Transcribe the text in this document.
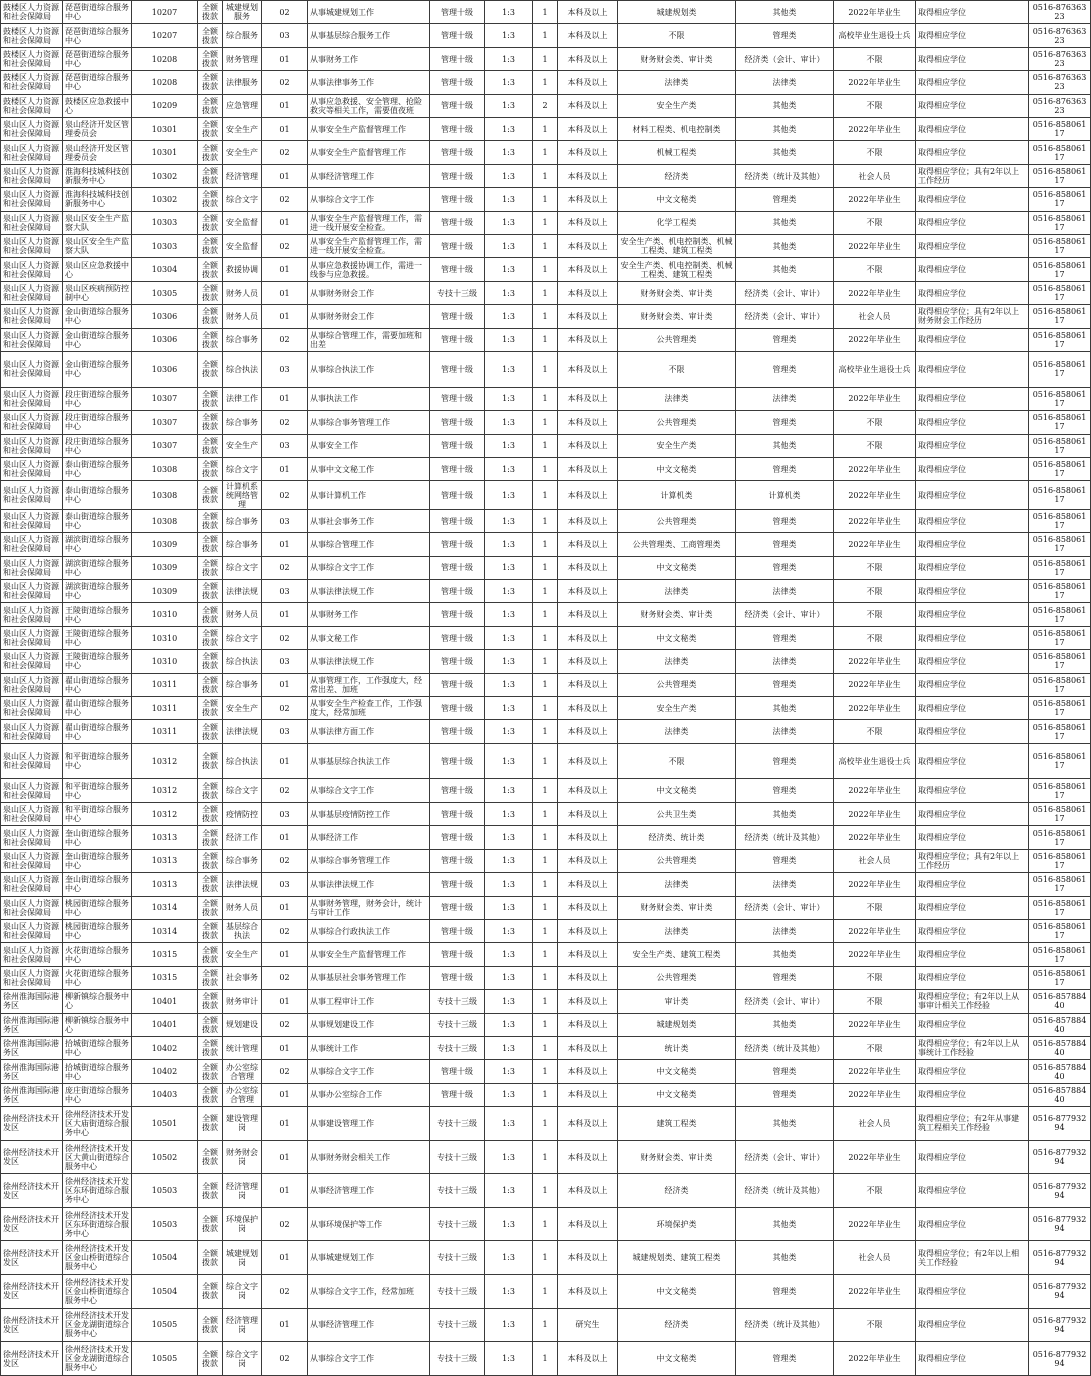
鼓楼区人力资源和社会保障局	琵琶街道综合服务中心	10207	全额拨款	城建规划服务	02	从事城建规划工作	管理十级	1:3	1	本科及以上	城建规划类	其他类	2022年毕业生	取得相应学位	0516-87636323
鼓楼区人力资源和社会保障局	琵琶街道综合服务中心	10207	全额拨款	综合服务	03	从事基层综合服务工作	管理十级	1:3	1	本科及以上	不限	管理类	高校毕业生退役士兵	取得相应学位	0516-87636323
鼓楼区人力资源和社会保障局	琵琶街道综合服务中心	10208	全额拨款	财务管理	01	从事财务工作	管理十级	1:3	1	本科及以上	财务财会类、审计类	经济类（会计、审计）	不限	取得相应学位	0516-87636323
鼓楼区人力资源和社会保障局	琵琶街道综合服务中心	10208	全额拨款	法律服务	02	从事法律事务工作	管理十级	1:3	1	本科及以上	法律类	法律类	2022年毕业生	取得相应学位	0516-87636323
鼓楼区人力资源和社会保障局	鼓楼区应急救援中心	10209	全额拨款	应急管理	01	从事应急救援、安全管理、抢险救灾等相关工作，需要值夜班	管理十级	1:3	2	本科及以上	安全生产类	其他类	不限	取得相应学位	0516-87636323
泉山区人力资源和社会保障局	泉山经济开发区管理委员会	10301	全额拨款	安全生产	01	从事安全生产监督管理工作	管理十级	1:3	1	本科及以上	材料工程类、机电控制类	其他类	2022年毕业生	取得相应学位	0516-85806117
泉山区人力资源和社会保障局	泉山经济开发区管理委员会	10301	全额拨款	安全生产	02	从事安全生产监督管理工作	管理十级	1:3	1	本科及以上	机械工程类	其他类	不限	取得相应学位	0516-85806117
泉山区人力资源和社会保障局	淮海科技城科技创新服务中心	10302	全额拨款	经济管理	01	从事经济管理工作	管理十级	1:3	1	本科及以上	经济类	经济类（统计及其他）	社会人员	取得相应学位；具有2年以上工作经历	0516-85806117
泉山区人力资源和社会保障局	淮海科技城科技创新服务中心	10302	全额拨款	综合文字	02	从事综合文字工作	管理十级	1:3	1	本科及以上	中文文秘类	管理类	2022年毕业生	取得相应学位	0516-85806117
泉山区人力资源和社会保障局	泉山区安全生产监察大队	10303	全额拨款	安全监督	01	从事安全生产监督管理工作，需进一线开展安全检查。	管理十级	1:3	1	本科及以上	化学工程类	其他类	不限	取得相应学位	0516-85806117
泉山区人力资源和社会保障局	泉山区安全生产监察大队	10303	全额拨款	安全监督	02	从事安全生产监督管理工作，需进一线开展安全检查。	管理十级	1:3	1	本科及以上	安全生产类、机电控制类、机械工程类、建筑工程类	其他类	2022年毕业生	取得相应学位	0516-85806117
泉山区人力资源和社会保障局	泉山区应急救援中心	10304	全额拨款	救援协调	01	从事应急救援协调工作，需进一线参与应急救援。	管理十级	1:3	1	本科及以上	安全生产类、机电控制类、机械工程类、建筑工程类	其他类	不限	取得相应学位	0516-85806117
泉山区人力资源和社会保障局	泉山区疾病预防控制中心	10305	全额拨款	财务人员	01	从事财务财会工作	专技十三级	1:3	1	本科及以上	财务财会类、审计类	经济类（会计、审计）	2022年毕业生	取得相应学位	0516-85806117
泉山区人力资源和社会保障局	金山街道综合服务中心	10306	全额拨款	财务人员	01	从事财务财会工作	管理十级	1:3	1	本科及以上	财务财会类、审计类	经济类（会计、审计）	社会人员	取得相应学位；具有2年以上财务财会工作经历	0516-85806117
泉山区人力资源和社会保障局	金山街道综合服务中心	10306	全额拨款	综合事务	02	从事综合管理工作，需要加班和出差	管理十级	1:3	1	本科及以上	公共管理类	管理类	2022年毕业生	取得相应学位	0516-85806117
泉山区人力资源和社会保障局	金山街道综合服务中心	10306	全额拨款	综合执法	03	从事综合执法工作	管理十级	1:3	1	本科及以上	不限	管理类	高校毕业生退役士兵	取得相应学位	0516-85806117
泉山区人力资源和社会保障局	段庄街道综合服务中心	10307	全额拨款	法律工作	01	从事执法工作	管理十级	1:3	1	本科及以上	法律类	法律类	2022年毕业生	取得相应学位	0516-85806117
泉山区人力资源和社会保障局	段庄街道综合服务中心	10307	全额拨款	综合事务	02	从事综合事务管理工作	管理十级	1:3	1	本科及以上	公共管理类	管理类	不限	取得相应学位	0516-85806117
泉山区人力资源和社会保障局	段庄街道综合服务中心	10307	全额拨款	安全生产	03	从事安全工作	管理十级	1:3	1	本科及以上	安全生产类	其他类	不限	取得相应学位	0516-85806117
泉山区人力资源和社会保障局	泰山街道综合服务中心	10308	全额拨款	综合文字	01	从事中文文秘工作	管理十级	1:3	1	本科及以上	中文文秘类	管理类	2022年毕业生	取得相应学位	0516-85806117
泉山区人力资源和社会保障局	泰山街道综合服务中心	10308	全额拨款	计算机系统网络管理	02	从事计算机工作	管理十级	1:3	1	本科及以上	计算机类	计算机类	2022年毕业生	取得相应学位	0516-85806117
泉山区人力资源和社会保障局	泰山街道综合服务中心	10308	全额拨款	综合事务	03	从事社会事务工作	管理十级	1:3	1	本科及以上	公共管理类	管理类	2022年毕业生	取得相应学位	0516-85806117
泉山区人力资源和社会保障局	湖滨街道综合服务中心	10309	全额拨款	综合事务	01	从事综合管理工作	管理十级	1:3	1	本科及以上	公共管理类、工商管理类	管理类	2022年毕业生	取得相应学位	0516-85806117
泉山区人力资源和社会保障局	湖滨街道综合服务中心	10309	全额拨款	综合文字	02	从事综合文字工作	管理十级	1:3	1	本科及以上	中文文秘类	管理类	不限	取得相应学位	0516-85806117
泉山区人力资源和社会保障局	湖滨街道综合服务中心	10309	全额拨款	法律法规	03	从事法律法规工作	管理十级	1:3	1	本科及以上	法律类	法律类	不限	取得相应学位	0516-85806117
泉山区人力资源和社会保障局	王陵街道综合服务中心	10310	全额拨款	财务人员	01	从事财务工作	管理十级	1:3	1	本科及以上	财务财会类、审计类	经济类（会计、审计）	不限	取得相应学位	0516-85806117
泉山区人力资源和社会保障局	王陵街道综合服务中心	10310	全额拨款	综合文字	02	从事文秘工作	管理十级	1:3	1	本科及以上	中文文秘类	管理类	不限	取得相应学位	0516-85806117
泉山区人力资源和社会保障局	王陵街道综合服务中心	10310	全额拨款	综合执法	03	从事法律法规工作	管理十级	1:3	1	本科及以上	法律类	法律类	2022年毕业生	取得相应学位	0516-85806117
泉山区人力资源和社会保障局	翟山街道综合服务中心	10311	全额拨款	综合事务	01	从事管理工作，工作强度大，经常出差、加班	管理十级	1:3	1	本科及以上	公共管理类	管理类	2022年毕业生	取得相应学位	0516-85806117
泉山区人力资源和社会保障局	翟山街道综合服务中心	10311	全额拨款	安全生产	02	从事安全生产检查工作，工作强度大，经常加班	管理十级	1:3	1	本科及以上	安全生产类	其他类	2022年毕业生	取得相应学位	0516-85806117
泉山区人力资源和社会保障局	翟山街道综合服务中心	10311	全额拨款	法律法规	03	从事法律方面工作	管理十级	1:3	1	本科及以上	法律类	法律类	不限	取得相应学位	0516-85806117
泉山区人力资源和社会保障局	和平街道综合服务中心	10312	全额拨款	综合执法	01	从事基层综合执法工作	管理十级	1:3	1	本科及以上	不限	管理类	高校毕业生退役士兵	取得相应学位	0516-85806117
泉山区人力资源和社会保障局	和平街道综合服务中心	10312	全额拨款	综合文字	02	从事综合文字工作	管理十级	1:3	1	本科及以上	中文文秘类	管理类	2022年毕业生	取得相应学位	0516-85806117
泉山区人力资源和社会保障局	和平街道综合服务中心	10312	全额拨款	疫情防控	03	从事基层疫情防控工作	管理十级	1:3	1	本科及以上	公共卫生类	其他类	2022年毕业生	取得相应学位	0516-85806117
泉山区人力资源和社会保障局	奎山街道综合服务中心	10313	全额拨款	经济工作	01	从事经济工作	管理十级	1:3	1	本科及以上	经济类、统计类	经济类（统计及其他）	2022年毕业生	取得相应学位	0516-85806117
泉山区人力资源和社会保障局	奎山街道综合服务中心	10313	全额拨款	综合事务	02	从事综合事务管理工作	管理十级	1:3	1	本科及以上	公共管理类	管理类	社会人员	取得相应学位；具有2年以上工作经历	0516-85806117
泉山区人力资源和社会保障局	奎山街道综合服务中心	10313	全额拨款	法律法规	03	从事法律法规工作	管理十级	1:3	1	本科及以上	法律类	法律类	2022年毕业生	取得相应学位	0516-85806117
泉山区人力资源和社会保障局	桃园街道综合服务中心	10314	全额拨款	财务人员	01	从事财务管理，财务会计，统计与审计工作	管理十级	1:3	1	本科及以上	财务财会类、审计类	经济类（会计、审计）	不限	取得相应学位	0516-85806117
泉山区人力资源和社会保障局	桃园街道综合服务中心	10314	全额拨款	基层综合执法	02	从事综合行政执法工作	管理十级	1:3	1	本科及以上	法律类	法律类	2022年毕业生	取得相应学位	0516-85806117
泉山区人力资源和社会保障局	火花街道综合服务中心	10315	全额拨款	安全生产	01	从事安全生产监督管理工作	管理十级	1:3	1	本科及以上	安全生产类、建筑工程类	其他类	2022年毕业生	取得相应学位	0516-85806117
泉山区人力资源和社会保障局	火花街道综合服务中心	10315	全额拨款	社会事务	02	从事基层社会事务管理工作	管理十级	1:3	1	本科及以上	公共管理类	管理类	不限	取得相应学位	0516-85806117
徐州淮海国际港务区	柳新镇综合服务中心	10401	全额拨款	财务审计	01	从事工程审计工作	专技十三级	1:3	1	本科及以上	审计类	经济类（会计、审计）	不限	取得相应学位；有2年以上从事审计相关工作经验	0516-85788440
徐州淮海国际港务区	柳新镇综合服务中心	10401	全额拨款	规划建设	02	从事规划建设工作	专技十三级	1:3	1	本科及以上	城建规划类	其他类	2022年毕业生	取得相应学位	0516-85788440
徐州淮海国际港务区	拾城街道综合服务中心	10402	全额拨款	统计管理	01	从事统计工作	专技十三级	1:3	1	本科及以上	统计类	经济类（统计及其他）	不限	取得相应学位；有2年以上从事统计工作经验	0516-85788440
徐州淮海国际港务区	拾城街道综合服务中心	10402	全额拨款	办公室综合管理	02	从事综合文字工作	管理十级	1:3	1	本科及以上	中文文秘类	管理类	2022年毕业生	取得相应学位	0516-85788440
徐州淮海国际港务区	庞庄街道综合服务中心	10403	全额拨款	办公室综合管理	01	从事办公室综合工作	管理十级	1:3	1	本科及以上	中文文秘类	管理类	2022年毕业生	取得相应学位	0516-85788440
徐州经济技术开发区	徐州经济技术开发区大庙街道综合服务中心	10501	全额拨款	建设管理岗	01	从事建设管理工作	专技十三级	1:3	1	本科及以上	建筑工程类	其他类	社会人员	取得相应学位；有2年从事建筑工程相关工作经验	0516-87793294
徐州经济技术开发区	徐州经济技术开发区大黄山街道综合服务中心	10502	全额拨款	财务财会岗	01	从事财务财会相关工作	专技十三级	1:3	1	本科及以上	财务财会类、审计类	经济类（会计、审计）	2022年毕业生	取得相应学位	0516-87793294
徐州经济技术开发区	徐州经济技术开发区东环街道综合服务中心	10503	全额拨款	经济管理岗	01	从事经济管理工作	专技十三级	1:3	1	本科及以上	经济类	经济类（统计及其他）	不限	取得相应学位	0516-87793294
徐州经济技术开发区	徐州经济技术开发区东环街道综合服务中心	10503	全额拨款	环境保护岗	02	从事环境保护等工作	专技十三级	1:3	1	本科及以上	环境保护类	其他类	2022年毕业生	取得相应学位	0516-87793294
徐州经济技术开发区	徐州经济技术开发区金山桥街道综合服务中心	10504	全额拨款	城建规划岗	01	从事城建规划工作	专技十三级	1:3	1	本科及以上	城建规划类、建筑工程类	其他类	社会人员	取得相应学位；有2年以上相关工作经验	0516-87793294
徐州经济技术开发区	徐州经济技术开发区金山桥街道综合服务中心	10504	全额拨款	综合文字岗	02	从事综合文字工作，经常加班	专技十三级	1:3	1	本科及以上	中文文秘类	管理类	2022年毕业生	取得相应学位	0516-87793294
徐州经济技术开发区	徐州经济技术开发区金龙湖街道综合服务中心	10505	全额拨款	经济管理岗	01	从事经济管理工作	专技十三级	1:3	1	研究生	经济类	经济类（统计及其他）	不限	取得相应学位	0516-87793294
徐州经济技术开发区	徐州经济技术开发区金龙湖街道综合服务中心	10505	全额拨款	综合文字岗	02	从事综合文字工作	专技十三级	1:3	1	本科及以上	中文文秘类	管理类	2022年毕业生	取得相应学位	0516-87793294
